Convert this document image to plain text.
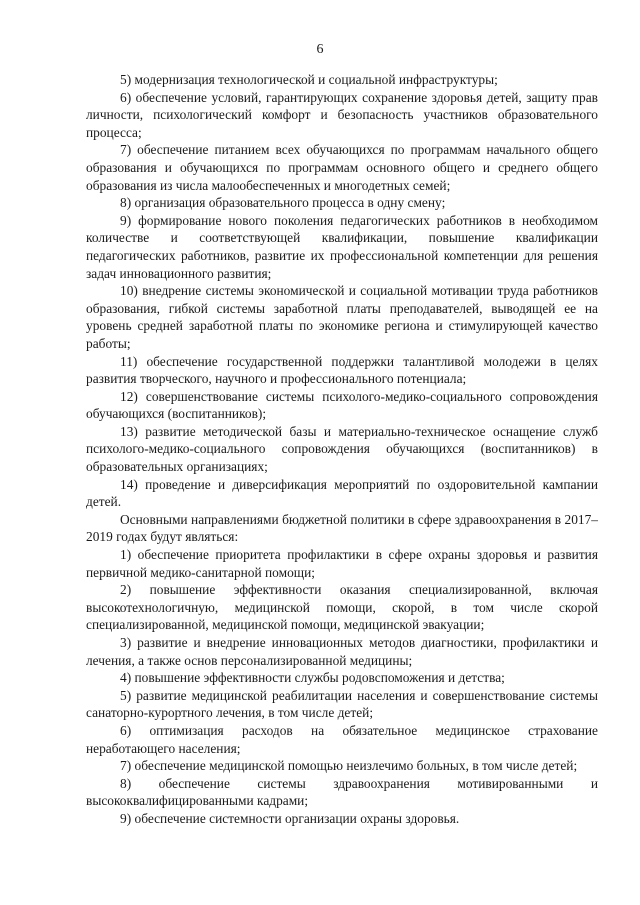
6

5) модернизация технологической и социальной инфраструктуры;

6) обеспечение условий, гарантирующих сохранение здоровья детей, защиту прав личности, психологический комфорт и безопасность участников образовательного процесса;

7) обеспечение питанием всех обучающихся по программам начального общего образования и обучающихся по программам основного общего и среднего общего образования из числа малообеспеченных и многодетных семей;

8) организация образовательного процесса в одну смену;

9) формирование нового поколения педагогических работников в необходимом количестве и соответствующей квалификации, повышение квалификации педагогических работников, развитие их профессиональной компетенции для решения задач инновационного развития;

10) внедрение системы экономической и социальной мотивации труда работников образования, гибкой системы заработной платы преподавателей, выводящей ее на уровень средней заработной платы по экономике региона и стимулирующей качество работы;

11) обеспечение государственной поддержки талантливой молодежи в целях развития творческого, научного и профессионального потенциала;

12) совершенствование системы психолого-медико-социального сопровождения обучающихся (воспитанников);

13) развитие методической базы и материально-техническое оснащение служб психолого-медико-социального сопровождения обучающихся (воспитанников) в образовательных организациях;

14) проведение и диверсификация мероприятий по оздоровительной кампании детей.

Основными направлениями бюджетной политики в сфере здравоохранения в 2017–2019 годах будут являться:

1) обеспечение приоритета профилактики в сфере охраны здоровья и развития первичной медико-санитарной помощи;

2) повышение эффективности оказания специализированной, включая высокотехнологичную, медицинской помощи, скорой, в том числе скорой специализированной, медицинской помощи, медицинской эвакуации;

3) развитие и внедрение инновационных методов диагностики, профилактики и лечения, а также основ персонализированной медицины;

4) повышение эффективности службы родовспоможения и детства;

5) развитие медицинской реабилитации населения и совершенствование системы санаторно-курортного лечения, в том числе детей;

6) оптимизация расходов на обязательное медицинское страхование неработающего населения;

7) обеспечение медицинской помощью неизлечимо больных, в том числе детей;

8) обеспечение системы здравоохранения мотивированными и высококвалифицированными кадрами;

9) обеспечение системности организации охраны здоровья.
